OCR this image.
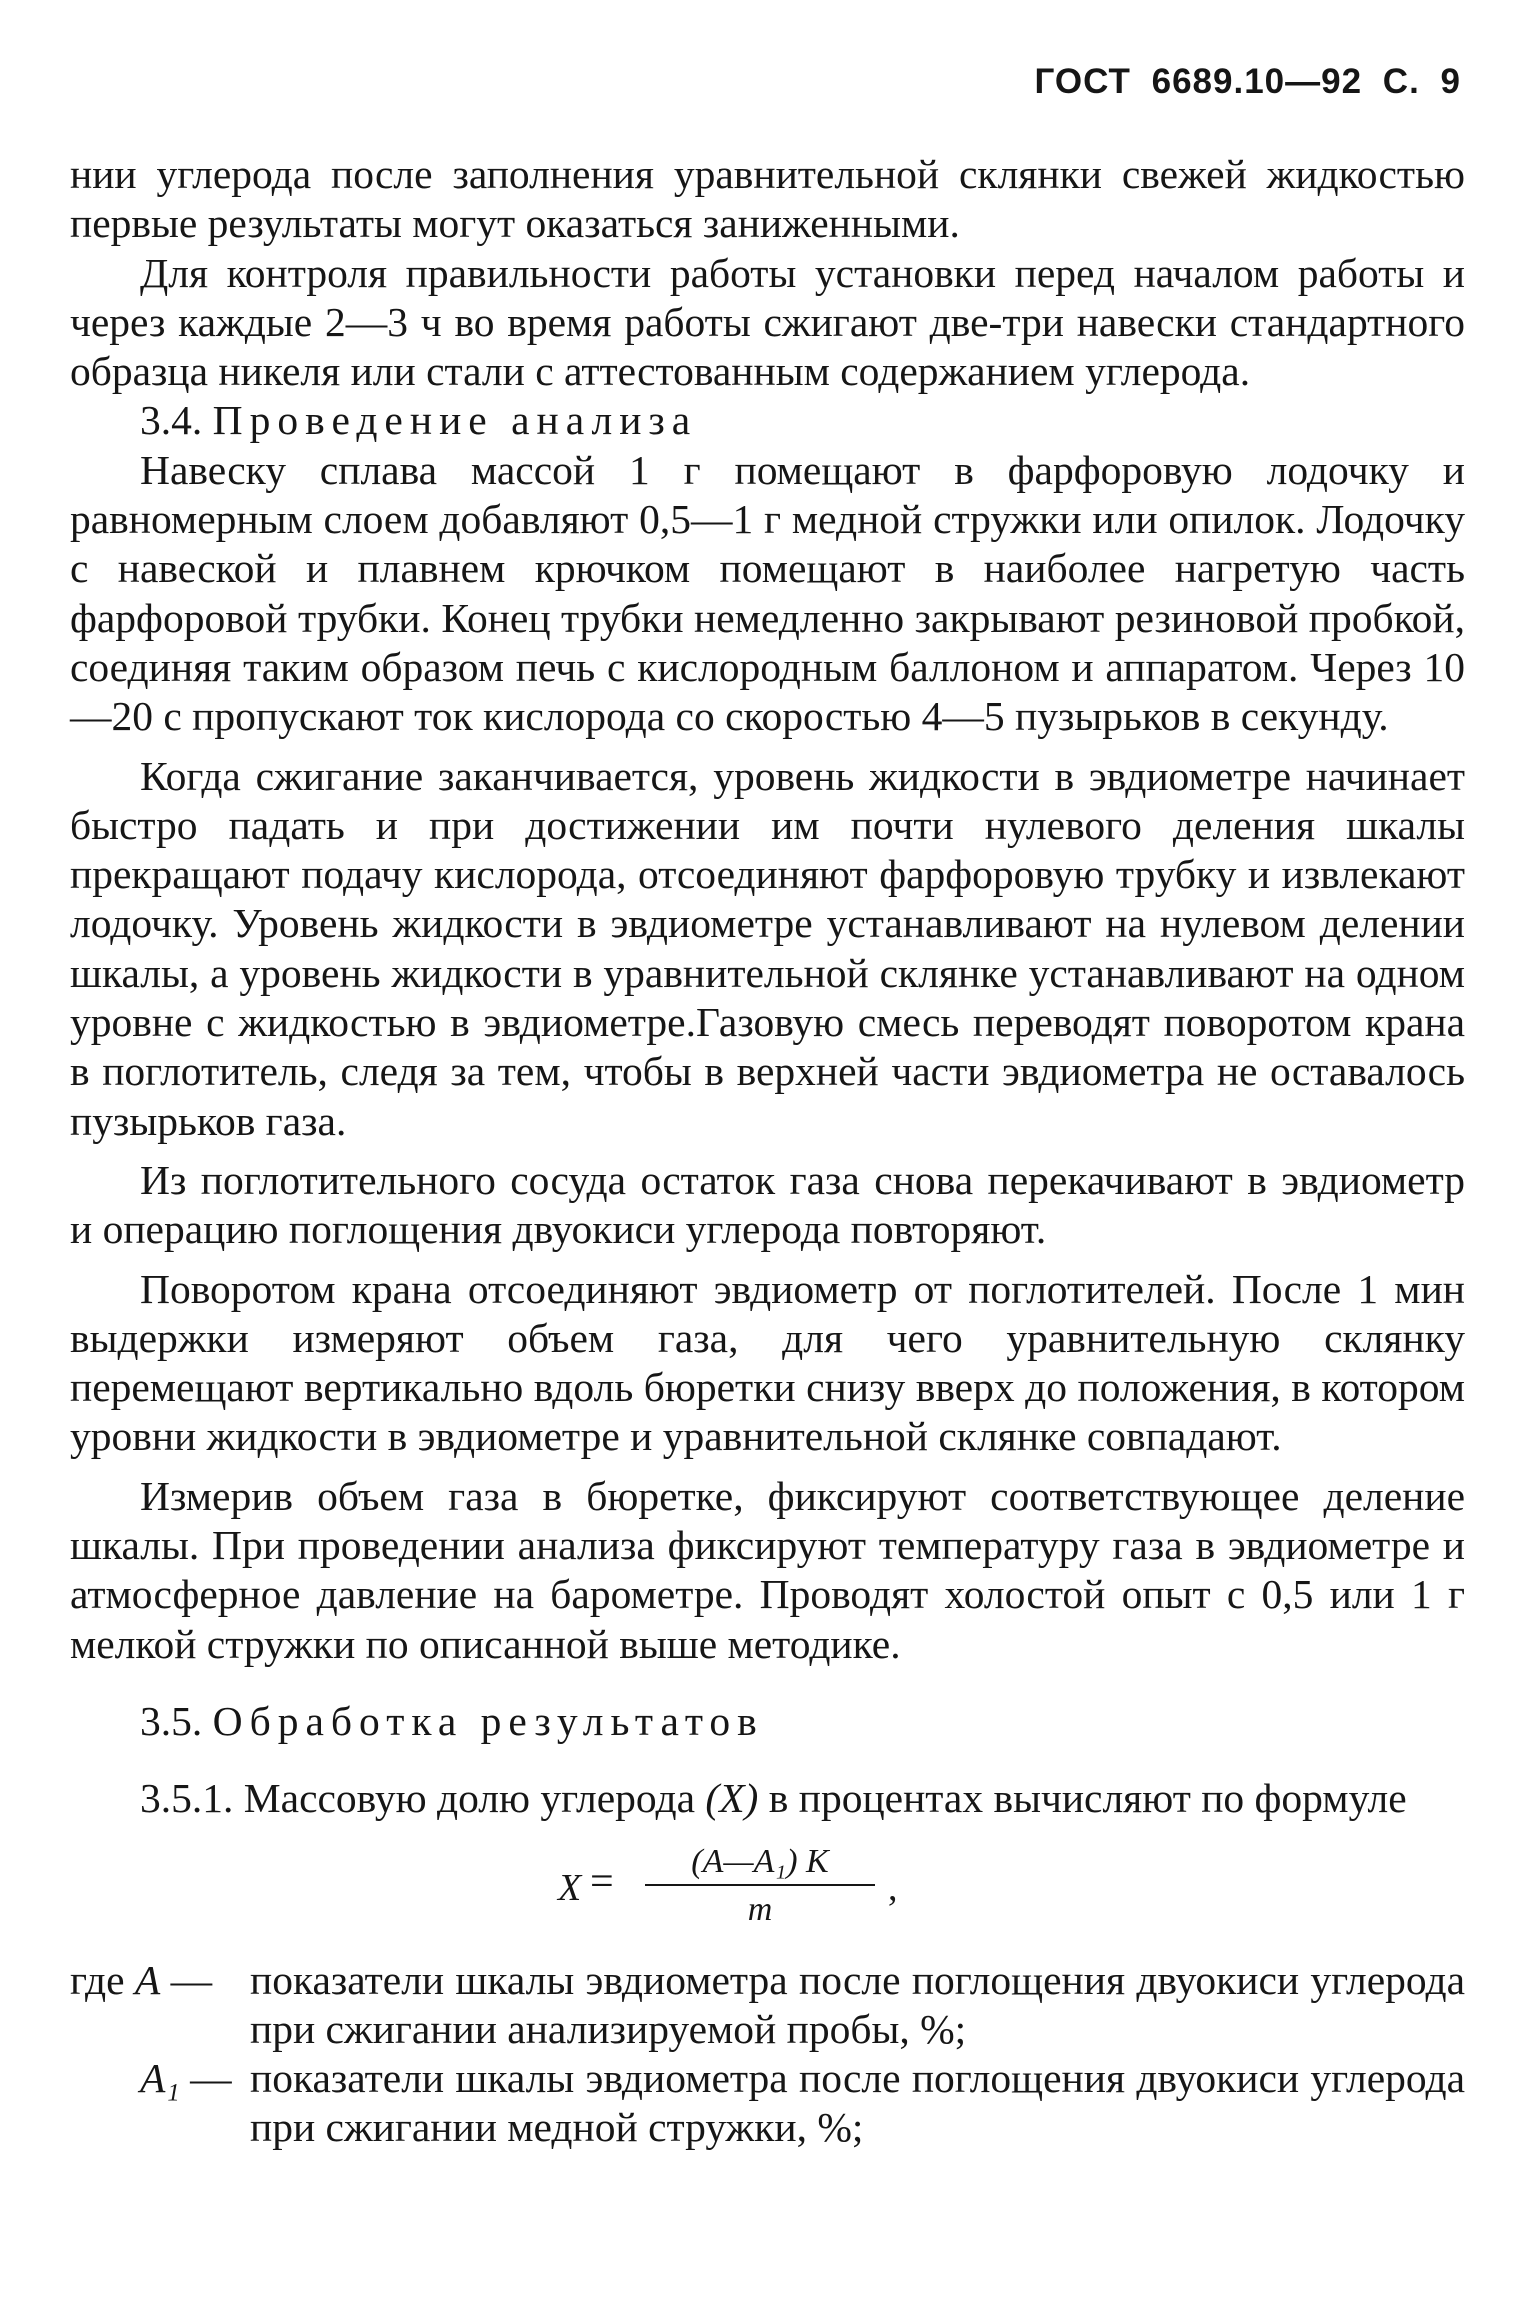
ГОСТ 6689.10—92 С. 9

нии углерода после заполнения уравнительной склянки свежей жидкостью первые результаты могут оказаться заниженными.

Для контроля правильности работы установки перед началом работы и через каждые 2—3 ч во время работы сжигают две-три навески стандартного образца никеля или стали с аттестованным содержанием углерода.

3.4. Проведение анализа

Навеску сплава массой 1 г помещают в фарфоровую лодочку и равномерным слоем добавляют 0,5—1 г медной стружки или опилок. Лодочку с навеской и плавнем крючком помещают в наиболее нагретую часть фарфоровой трубки. Конец трубки немедленно закрывают резиновой пробкой, соединяя таким образом печь с кислородным баллоном и аппаратом. Через 10—20 с пропускают ток кислорода со скоростью 4—5 пузырьков в секунду.

Когда сжигание заканчивается, уровень жидкости в эвдиометре начинает быстро падать и при достижении им почти нулевого деления шкалы прекращают подачу кислорода, отсоединяют фарфоровую трубку и извлекают лодочку. Уровень жидкости в эвдиометре устанавливают на нулевом делении шкалы, а уровень жидкости в уравнительной склянке устанавливают на одном уровне с жидкостью в эвдиометре.Газовую смесь переводят поворотом крана в поглотитель, следя за тем, чтобы в верхней части эвдиометра не оставалось пузырьков газа.

Из поглотительного сосуда остаток газа снова перекачивают в эвдиометр и операцию поглощения двуокиси углерода повторяют.

Поворотом крана отсоединяют эвдиометр от поглотителей. После 1 мин выдержки измеряют объем газа, для чего уравнительную склянку перемещают вертикально вдоль бюретки снизу вверх до положения, в котором уровни жидкости в эвдиометре и уравнительной склянке совпадают.

Измерив объем газа в бюретке, фиксируют соответствующее деление шкалы. При проведении анализа фиксируют температуру газа в эвдиометре и атмосферное давление на барометре. Проводят холостой опыт с 0,5 или 1 г мелкой стружки по описанной выше методике.

3.5. Обработка результатов

3.5.1. Массовую долю углерода (X) в процентах вычисляют по формуле

X =	(A—A₁) K
m
,

где A — показатели шкалы эвдиометра после поглощения двуокиси углерода при сжигании анализируемой пробы, %;

A₁ — показатели шкалы эвдиометра после поглощения двуокиси углерода при сжигании медной стружки, %;
